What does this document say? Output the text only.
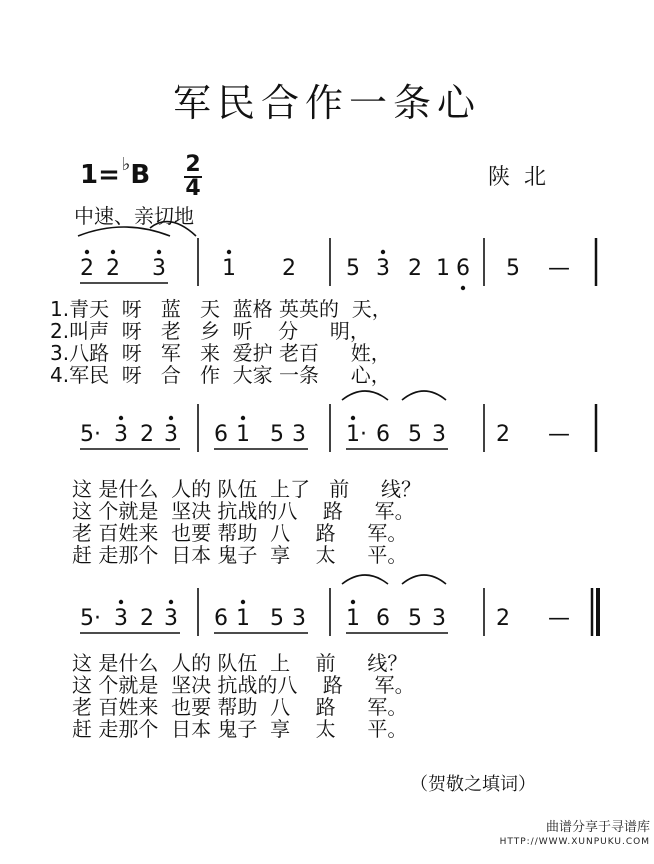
军民合作一条心
1= ♭B 2
4	陕北
中速、亲切地
2 2 3	1 2 5 3 2 1 6 5 —
5· 3 2 3 6 1 5 3 1· 6 5 3 2 —
5· 3 2 3 6 1 5 3 1 6 5 3 2 —
1.青天  呀   蓝   天  蓝格 英英的  天，
2.叫声  呀   老   乡  听    分     明，
3.八路  呀   军   来  爱护 老百     姓，
4.军民  呀   合   作  大家 一条     心，
这 是什么  人的 队伍  上了   前     线？
这 个就是  坚决 抗战的八    路     军。
老 百姓来  也要 帮助  八    路     军。
赶 走那个  日本 鬼子  享    太     平。
这 是什么  人的 队伍  上    前     线？
这 个就是  坚决 抗战的八    路     军。
老 百姓来  也要 帮助  八    路     军。
赶 走那个  日本 鬼子  享    太     平。
（贺敬之填词）
曲谱分享于寻谱库
HTTP://WWW.XUNPUKU.COM
